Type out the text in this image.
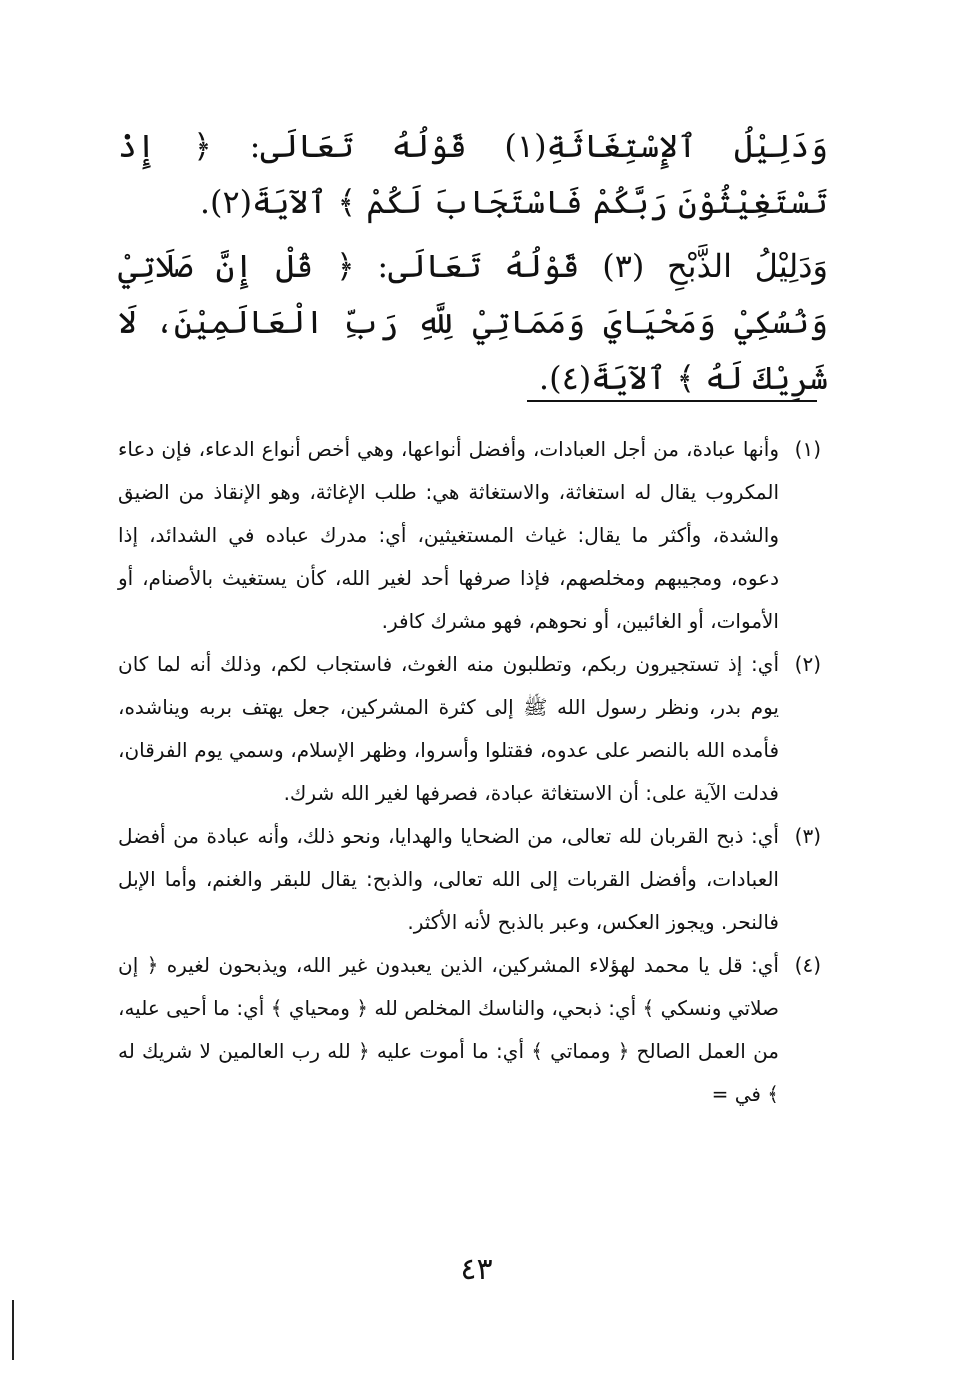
وَدَلِيْلُ ٱلإِسْتِغَاثَةِ(١) قَوْلُهُ تَعَالَى: ﴿ إِذْ تَسْتَغِيْثُوْنَ رَبَّكُمْ فَاسْتَجَابَ لَكُمْ ﴾ ٱلآيَةَ(٢).

وَدَلِيْلُ الذَّبْحِ (٣) قَوْلُهُ تَعَالَى: ﴿ قُلْ إِنَّ صَلَاتِيْ وَنُسُكِيْ وَمَحْيَايَ وَمَمَاتِيْ لِلَّهِ رَبِّ الْعَالَمِيْنَ، لَا شَرِيْكَ لَهُ ﴾ ٱلآيَةَ(٤).

(١)
وأنها عبادة، من أجل العبادات، وأفضل أنواعها، وهي أخص أنواع الدعاء، فإن دعاء المكروب يقال له استغاثة، والاستغاثة هي: طلب الإغاثة، وهو الإنقاذ من الضيق والشدة، وأكثر ما يقال: غياث المستغيثين، أي: مدرك عباده في الشدائد، إذا دعوه، ومجيبهم ومخلصهم، فإذا صرفها أحد لغير الله، كأن يستغيث بالأصنام، أو الأموات، أو الغائبين، أو نحوهم، فهو مشرك كافر.
(٢)
أي: إذ تستجيرون ربكم، وتطلبون منه الغوث، فاستجاب لكم، وذلك أنه لما كان يوم بدر، ونظر رسول الله ﷺ إلى كثرة المشركين، جعل يهتف بربه ويناشده، فأمده الله بالنصر على عدوه، فقتلوا وأسروا، وظهر الإسلام، وسمي يوم الفرقان، فدلت الآية على: أن الاستغاثة عبادة، فصرفها لغير الله شرك.
(٣)
أي: ذبح القربان لله تعالى، من الضحايا والهدايا، ونحو ذلك، وأنه عبادة من أفضل العبادات، وأفضل القربات إلى الله تعالى، والذبح: يقال للبقر والغنم، وأما الإبل فالنحر. ويجوز العكس، وعبر بالذبح لأنه الأكثر.
(٤)
أي: قل يا محمد لهؤلاء المشركين، الذين يعبدون غير الله، ويذبحون لغيره ﴿ إن صلاتي ونسكي ﴾ أي: ذبحي، والناسك المخلص لله ﴿ ومحياي ﴾ أي: ما أحيى عليه، من العمل الصالح ﴿ ومماتي ﴾ أي: ما أموت عليه ﴿ لله رب العالمين لا شريك له ﴾ في =
٤٣
